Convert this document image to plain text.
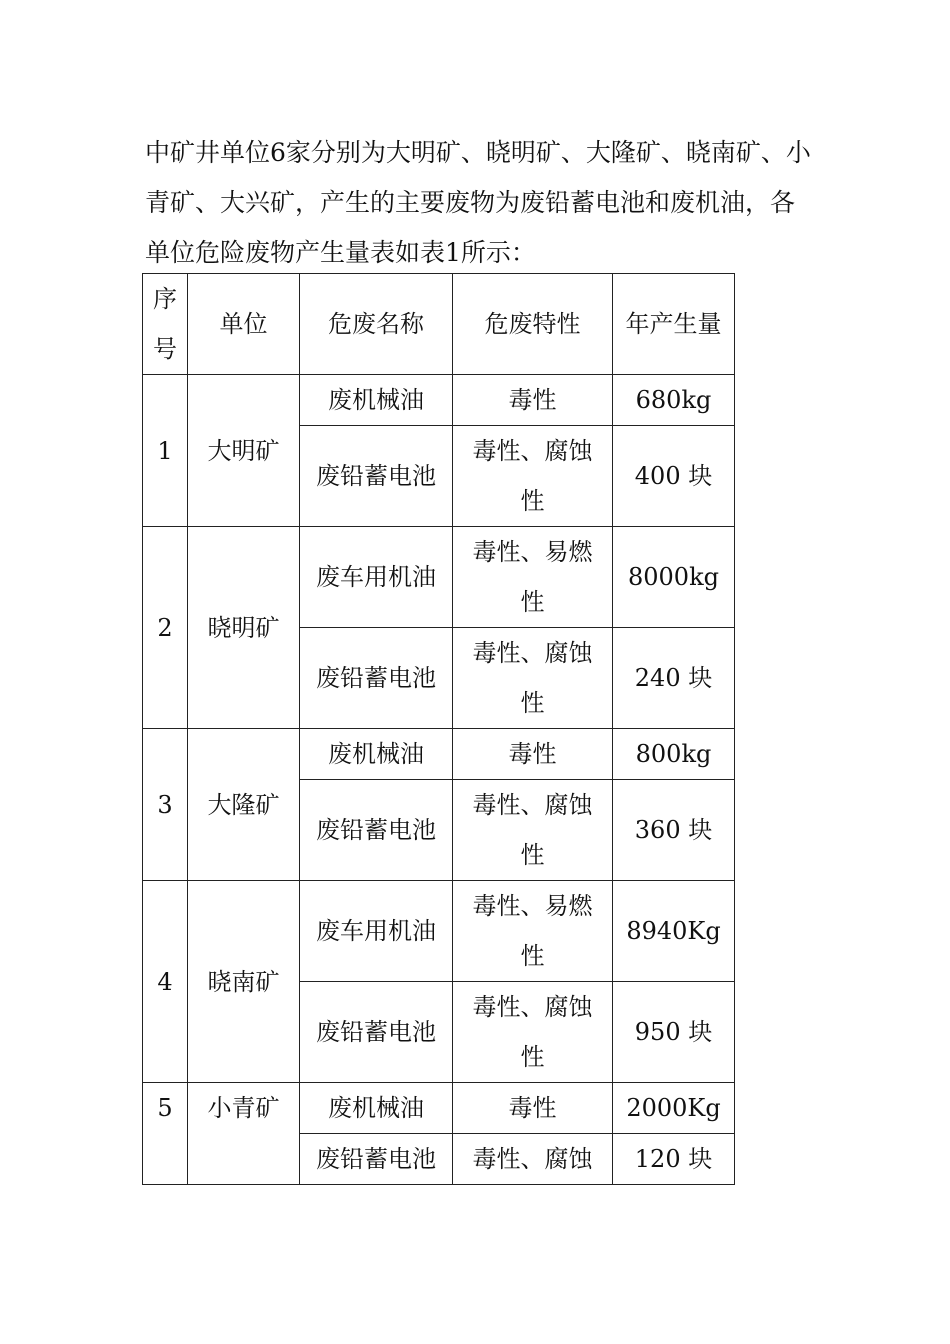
中矿井单位6家分别为大明矿、晓明矿、大隆矿、晓南矿、小青矿、大兴矿，产生的主要废物为废铅蓄电池和废机油，各单位危险废物产生量表如表1所示：

序号	单位	危废名称	危废特性	年产生量
1	大明矿	废机械油	毒性	680kg
		废铅蓄电池	毒性、腐蚀性	400 块
2	晓明矿	废车用机油	毒性、易燃性	8000kg
		废铅蓄电池	毒性、腐蚀性	240 块
3	大隆矿	废机械油	毒性	800kg
		废铅蓄电池	毒性、腐蚀性	360 块
4	晓南矿	废车用机油	毒性、易燃性	8940Kg
		废铅蓄电池	毒性、腐蚀性	950 块
5	小青矿	废机械油	毒性	2000Kg
		废铅蓄电池	毒性、腐蚀	120 块
